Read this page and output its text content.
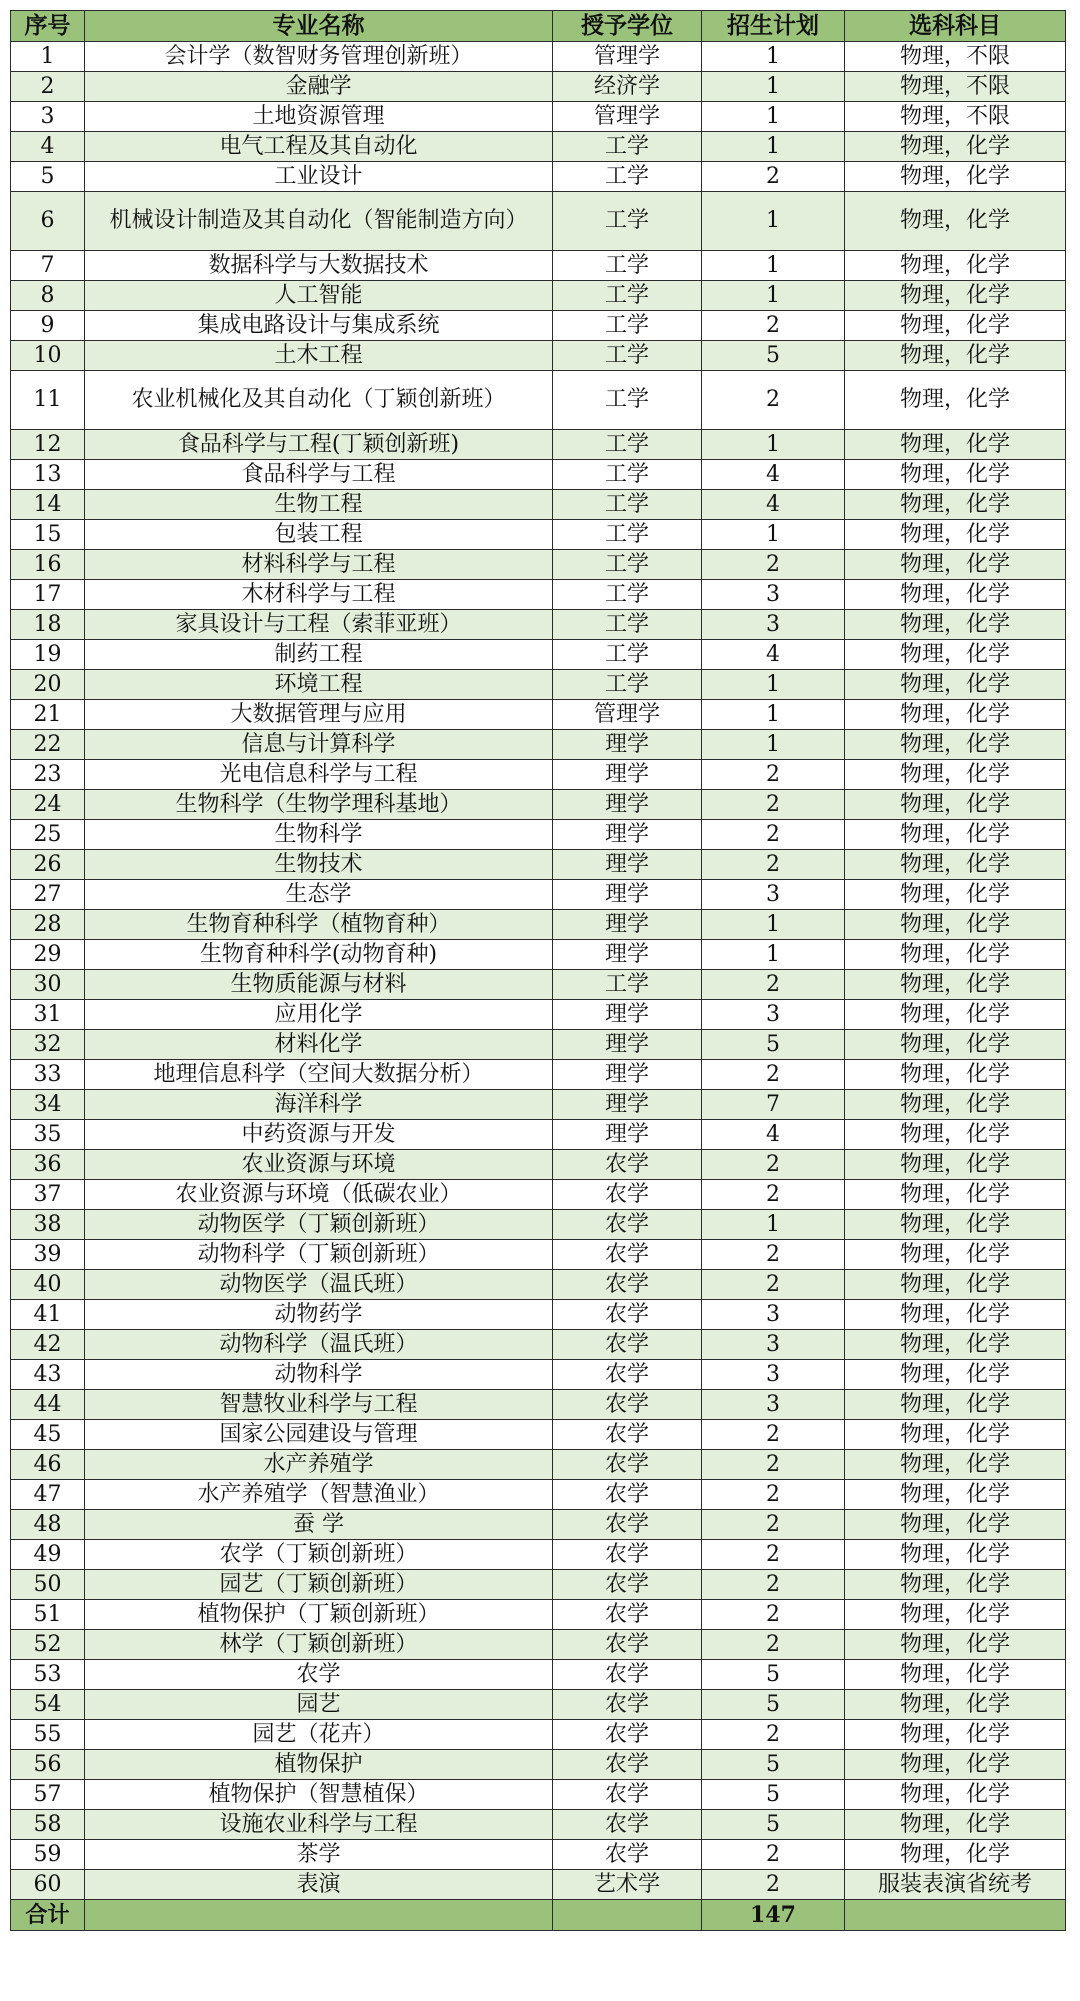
序号	专业名称	授予学位	招生计划	选科科目
1	会计学（数智财务管理创新班）	管理学	1	物理，不限
2	金融学	经济学	1	物理，不限
3	土地资源管理	管理学	1	物理，不限
4	电气工程及其自动化	工学	1	物理，化学
5	工业设计	工学	2	物理，化学
6	机械设计制造及其自动化（智能制造方向）	工学	1	物理，化学
7	数据科学与大数据技术	工学	1	物理，化学
8	人工智能	工学	1	物理，化学
9	集成电路设计与集成系统	工学	2	物理，化学
10	土木工程	工学	5	物理，化学
11	农业机械化及其自动化（丁颖创新班）	工学	2	物理，化学
12	食品科学与工程(丁颖创新班)	工学	1	物理，化学
13	食品科学与工程	工学	4	物理，化学
14	生物工程	工学	4	物理，化学
15	包装工程	工学	1	物理，化学
16	材料科学与工程	工学	2	物理，化学
17	木材科学与工程	工学	3	物理，化学
18	家具设计与工程（索菲亚班）	工学	3	物理，化学
19	制药工程	工学	4	物理，化学
20	环境工程	工学	1	物理，化学
21	大数据管理与应用	管理学	1	物理，化学
22	信息与计算科学	理学	1	物理，化学
23	光电信息科学与工程	理学	2	物理，化学
24	生物科学（生物学理科基地）	理学	2	物理，化学
25	生物科学	理学	2	物理，化学
26	生物技术	理学	2	物理，化学
27	生态学	理学	3	物理，化学
28	生物育种科学（植物育种）	理学	1	物理，化学
29	生物育种科学(动物育种)	理学	1	物理，化学
30	生物质能源与材料	工学	2	物理，化学
31	应用化学	理学	3	物理，化学
32	材料化学	理学	5	物理，化学
33	地理信息科学（空间大数据分析）	理学	2	物理，化学
34	海洋科学	理学	7	物理，化学
35	中药资源与开发	理学	4	物理，化学
36	农业资源与环境	农学	2	物理，化学
37	农业资源与环境（低碳农业）	农学	2	物理，化学
38	动物医学（丁颖创新班）	农学	1	物理，化学
39	动物科学（丁颖创新班）	农学	2	物理，化学
40	动物医学（温氏班）	农学	2	物理，化学
41	动物药学	农学	3	物理，化学
42	动物科学（温氏班）	农学	3	物理，化学
43	动物科学	农学	3	物理，化学
44	智慧牧业科学与工程	农学	3	物理，化学
45	国家公园建设与管理	农学	2	物理，化学
46	水产养殖学	农学	2	物理，化学
47	水产养殖学（智慧渔业）	农学	2	物理，化学
48	蚕 学	农学	2	物理，化学
49	农学（丁颖创新班）	农学	2	物理，化学
50	园艺（丁颖创新班）	农学	2	物理，化学
51	植物保护（丁颖创新班）	农学	2	物理，化学
52	林学（丁颖创新班）	农学	2	物理，化学
53	农学	农学	5	物理，化学
54	园艺	农学	5	物理，化学
55	园艺（花卉）	农学	2	物理，化学
56	植物保护	农学	5	物理，化学
57	植物保护（智慧植保）	农学	5	物理，化学
58	设施农业科学与工程	农学	5	物理，化学
59	茶学	农学	2	物理，化学
60	表演	艺术学	2	服装表演省统考
合计			147	
